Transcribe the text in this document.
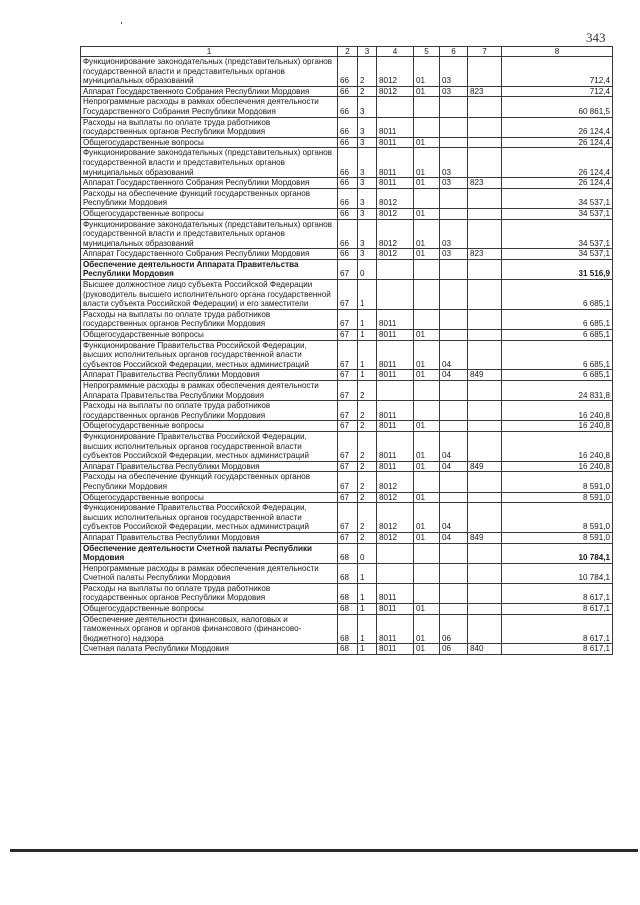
343
1	2	3	4	5	6	7	8
Функционирование законодательных (представительных) органов государственной власти и представительных органов муниципальных образований	66	2	8012	01	03		712,4
Аппарат Государственного Собрания Республики Мордовия	66	2	8012	01	03	823	712,4
Непрограммные расходы в рамках обеспечения деятельности Государственного Собрания Республики Мордовия	66	3					60 861,5
Расходы на выплаты по оплате труда работников государственных органов Республики Мордовия	66	3	8011				26 124,4
Общегосударственные вопросы	66	3	8011	01			26 124,4
Функционирование законодательных (представительных) органов государственной власти и представительных органов муниципальных образований	66	3	8011	01	03		26 124,4
Аппарат Государственного Собрания Республики Мордовия	66	3	8011	01	03	823	26 124,4
Расходы на обеспечение функций государственных органов Республики Мордовия	66	3	8012				34 537,1
Общегосударственные вопросы	66	3	8012	01			34 537,1
Функционирование законодательных (представительных) органов государственной власти и представительных органов муниципальных образований	66	3	8012	01	03		34 537,1
Аппарат Государственного Собрания Республики Мордовия	66	3	8012	01	03	823	34 537,1
Обеспечение деятельности Аппарата Правительства Республики Мордовия	67	0					31 516,9
Высшее должностное лицо субъекта Российской Федерации (руководитель высшего исполнительного органа государственной власти субъекта Российской Федерации) и его заместители	67	1					6 685,1
Расходы на выплаты по оплате труда работников государственных органов Республики Мордовия	67	1	8011				6 685,1
Общегосударственные вопросы	67	1	8011	01			6 685,1
Функционирование Правительства Российской Федерации, высших исполнительных органов государственной власти субъектов Российской Федерации, местных администраций	67	1	8011	01	04		6 685,1
Аппарат Правительства Республики Мордовия	67	1	8011	01	04	849	6 685,1
Непрограммные расходы в рамках обеспечения деятельности Аппарата Правительства Республики Мордовия	67	2					24 831,8
Расходы на выплаты по оплате труда работников государственных органов Республики Мордовия	67	2	8011				16 240,8
Общегосударственные вопросы	67	2	8011	01			16 240,8
Функционирование Правительства Российской Федерации, высших исполнительных органов государственной власти субъектов Российской Федерации, местных администраций	67	2	8011	01	04		16 240,8
Аппарат Правительства Республики Мордовия	67	2	8011	01	04	849	16 240,8
Расходы на обеспечение функций государственных органов Республики Мордовия	67	2	8012				8 591,0
Общегосударственные вопросы	67	2	8012	01			8 591,0
Функционирование Правительства Российской Федерации, высших исполнительных органов государственной власти субъектов Российской Федерации, местных администраций	67	2	8012	01	04		8 591,0
Аппарат Правительства Республики Мордовия	67	2	8012	01	04	849	8 591,0
Обеспечение деятельности Счетной палаты Республики Мордовия	68	0					10 784,1
Непрограммные расходы в рамках обеспечения деятельности Счетной палаты Республики Мордовия	68	1					10 784,1
Расходы на выплаты по оплате труда работников государственных органов Республики Мордовия	68	1	8011				8 617,1
Общегосударственные вопросы	68	1	8011	01			8 617,1
Обеспечение деятельности финансовых, налоговых и таможенных органов и органов финансового (финансово-бюджетного) надзора	68	1	8011	01	06		8 617,1
Счетная палата Республики Мордовия	68	1	8011	01	06	840	8 617,1
